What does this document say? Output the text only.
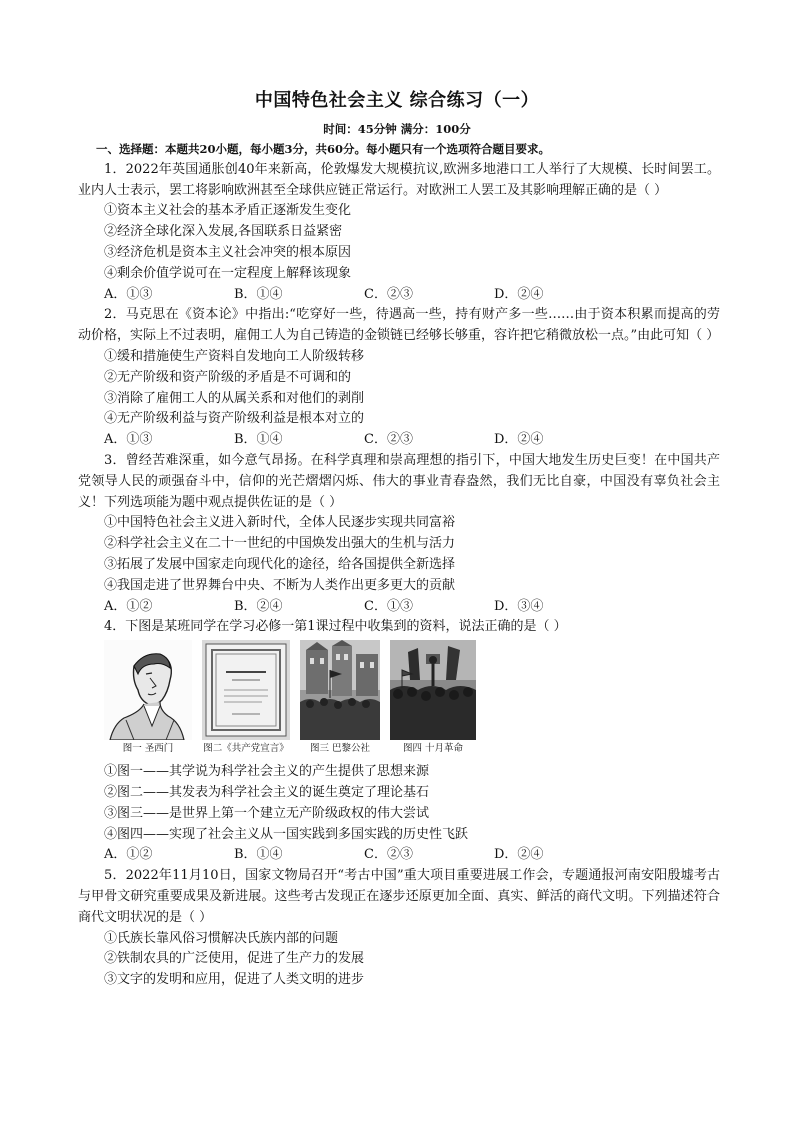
中国特色社会主义 综合练习（一）
时间：45分钟 满分：100分
一、选择题：本题共20小题，每小题3分，共60分。每小题只有一个选项符合题目要求。

1．2022年英国通胀创40年来新高，伦敦爆发大规模抗议,欧洲多地港口工人举行了大规模、长时间罢工。业内人士表示，罢工将影响欧洲甚至全球供应链正常运行。对欧洲工人罢工及其影响理解正确的是（ ）

①资本主义社会的基本矛盾正逐渐发生变化

②经济全球化深入发展,各国联系日益紧密

③经济危机是资本主义社会冲突的根本原因

④剩余价值学说可在一定程度上解释该现象

A．①③	B．①④	C．②③	D．②④

2．马克思在《资本论》中指出:“吃穿好一些，待遇高一些，持有财产多一些……由于资本积累而提高的劳动价格，实际上不过表明，雇佣工人为自己铸造的金锁链已经够长够重，容许把它稍微放松一点。”由此可知（ ）

①缓和措施使生产资料自发地向工人阶级转移

②无产阶级和资产阶级的矛盾是不可调和的

③消除了雇佣工人的从属关系和对他们的剥削

④无产阶级利益与资产阶级利益是根本对立的

A．①③	B．①④	C．②③	D．②④

3．曾经苦难深重，如今意气昂扬。在科学真理和崇高理想的指引下，中国大地发生历史巨变！在中国共产党领导人民的顽强奋斗中，信仰的光芒熠熠闪烁、伟大的事业青春盎然，我们无比自豪，中国没有辜负社会主义！下列选项能为题中观点提供佐证的是（ ）

①中国特色社会主义进入新时代，全体人民逐步实现共同富裕

②科学社会主义在二十一世纪的中国焕发出强大的生机与活力

③拓展了发展中国家走向现代化的途径，给各国提供全新选择

④我国走进了世界舞台中央、不断为人类作出更多更大的贡献

A．①②	B．②④	C．①③	D．③④

4．下图是某班同学在学习必修一第1课过程中收集到的资料，说法正确的是（ ）

图一 圣西门	图二《共产党宣言》 图三 巴黎公社	图四 十月革命

①图一——其学说为科学社会主义的产生提供了思想来源

②图二——其发表为科学社会主义的诞生奠定了理论基石

③图三——是世界上第一个建立无产阶级政权的伟大尝试

④图四——实现了社会主义从一国实践到多国实践的历史性飞跃

A．①②	B．①④	C．②③	D．②④

5．2022年11月10日，国家文物局召开“考古中国”重大项目重要进展工作会，专题通报河南安阳殷墟考古与甲骨文研究重要成果及新进展。这些考古发现正在逐步还原更加全面、真实、鲜活的商代文明。下列描述符合商代文明状况的是（ ）

①氏族长靠风俗习惯解决氏族内部的问题

②铁制农具的广泛使用，促进了生产力的发展

③文字的发明和应用，促进了人类文明的进步
